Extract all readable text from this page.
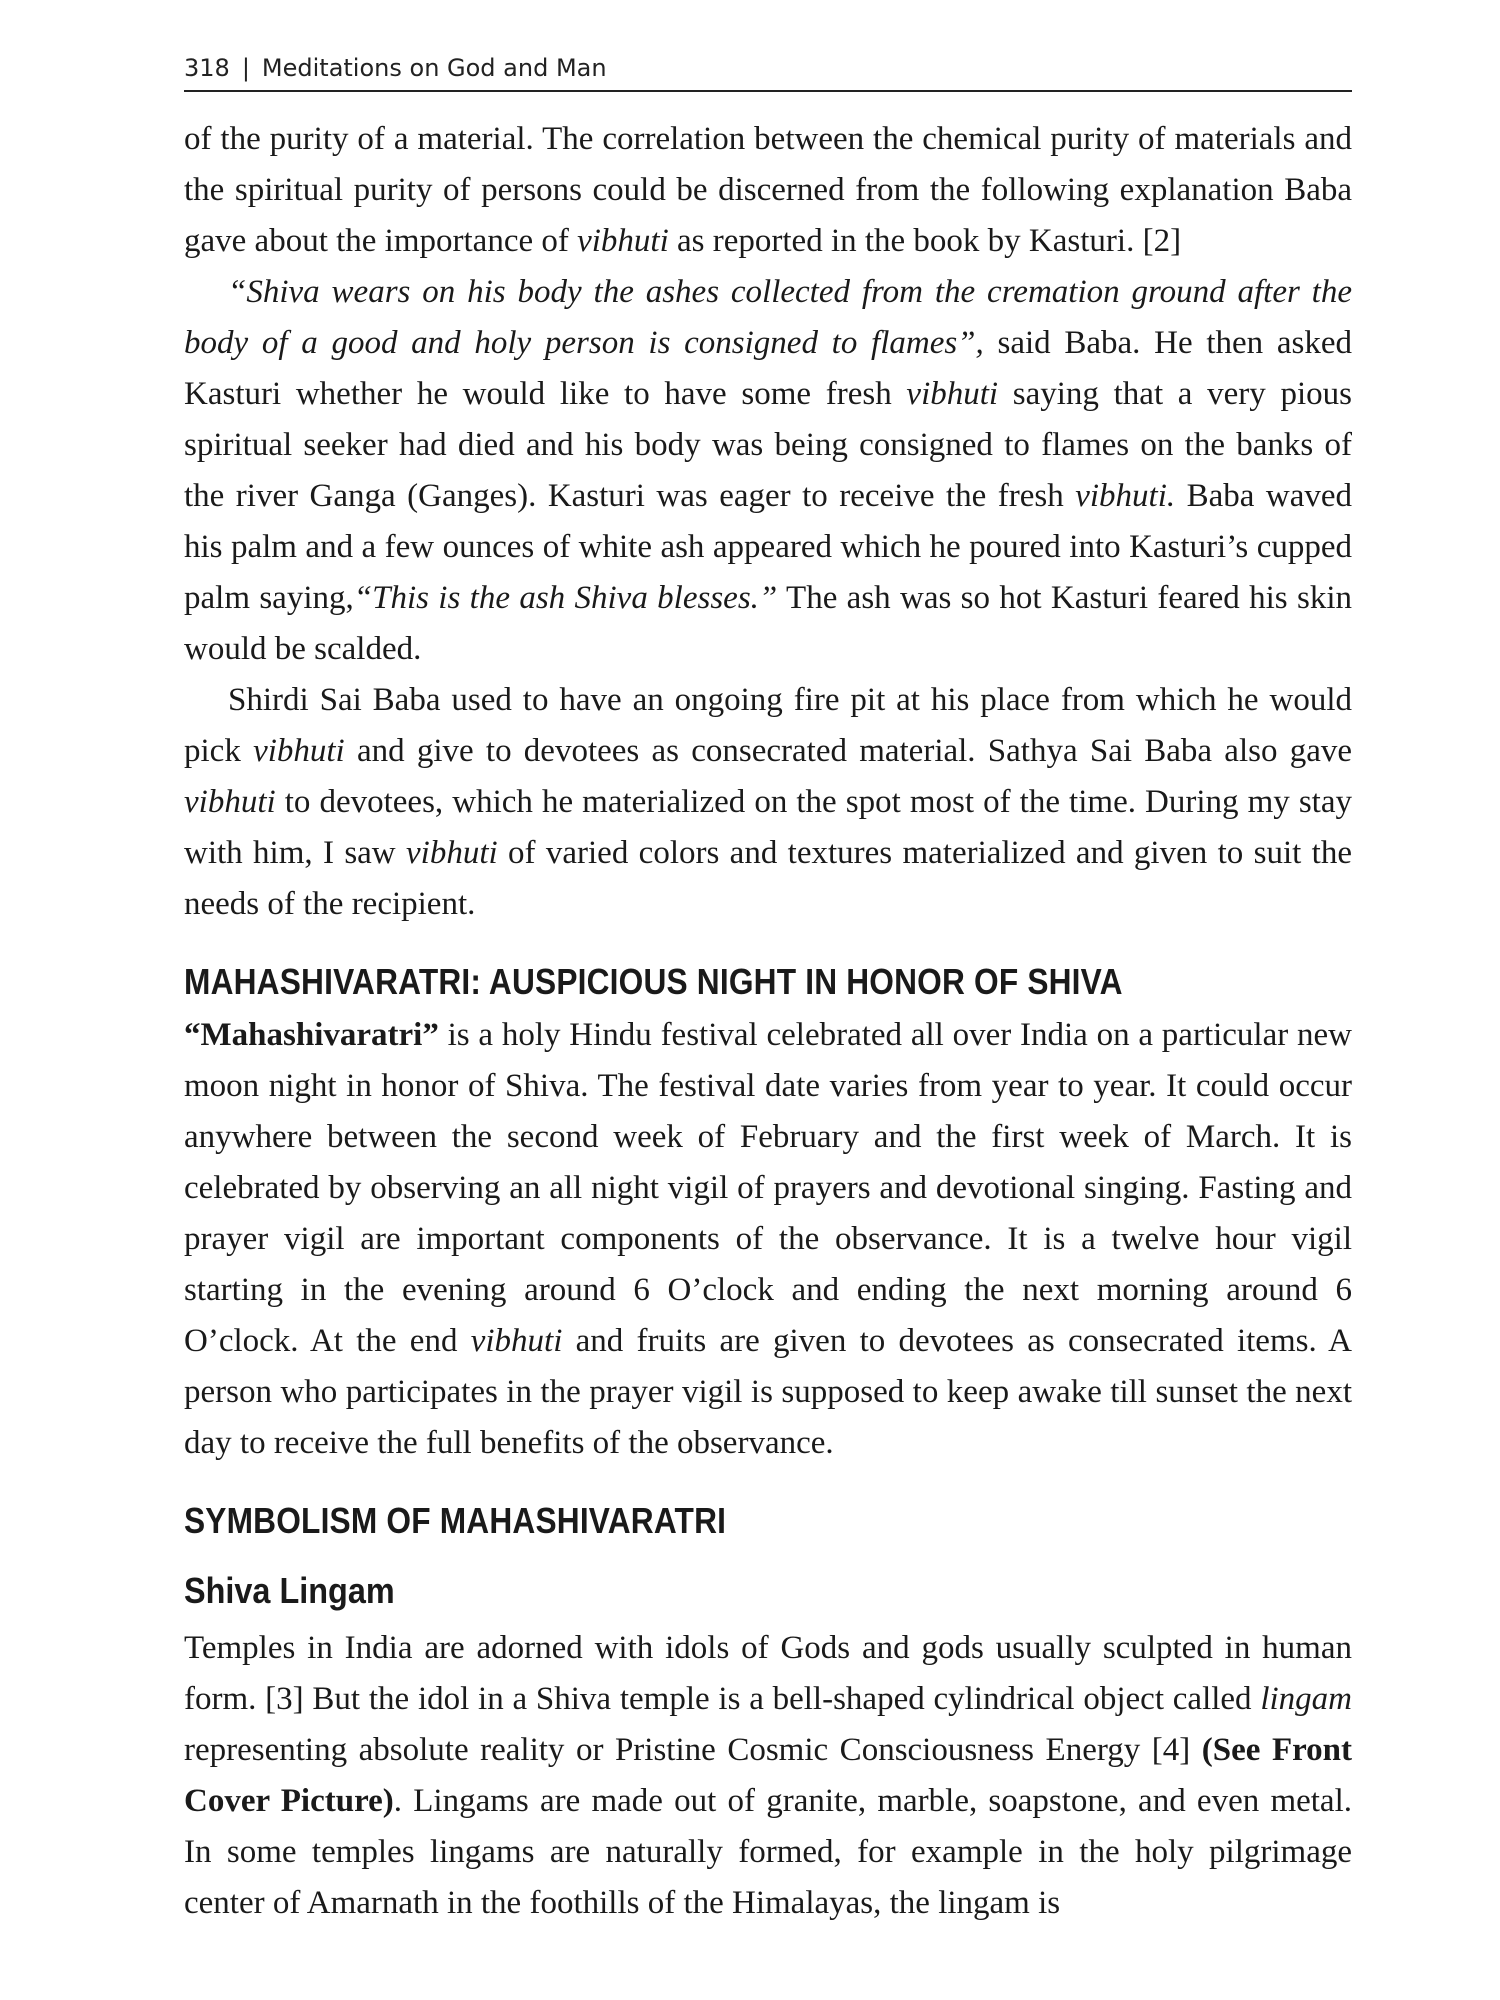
318 | Meditations on God and Man

of the purity of a material. The correlation between the chemical purity of materials and the spiritual purity of persons could be discerned from the following explanation Baba gave about the importance of vibhuti as reported in the book by Kasturi. [2]

“Shiva wears on his body the ashes collected from the cremation ground after the body of a good and holy person is consigned to flames”, said Baba. He then asked Kasturi whether he would like to have some fresh vibhuti saying that a very pious spiritual seeker had died and his body was being consigned to flames on the banks of the river Ganga (Ganges). Kasturi was eager to receive the fresh vibhuti. Baba waved his palm and a few ounces of white ash appeared which he poured into Kasturi’s cupped palm saying,“This is the ash Shiva blesses.” The ash was so hot Kasturi feared his skin would be scalded.

Shirdi Sai Baba used to have an ongoing fire pit at his place from which he would pick vibhuti and give to devotees as consecrated material. Sathya Sai Baba also gave vibhuti to devotees, which he materialized on the spot most of the time. During my stay with him, I saw vibhuti of varied colors and textures materialized and given to suit the needs of the recipient.

MAHASHIVARATRI: AUSPICIOUS NIGHT IN HONOR OF SHIVA

“Mahashivaratri” is a holy Hindu festival celebrated all over India on a particular new moon night in honor of Shiva. The festival date varies from year to year. It could occur anywhere between the second week of February and the first week of March. It is celebrated by observing an all night vigil of prayers and devotional singing. Fasting and prayer vigil are important components of the observance. It is a twelve hour vigil starting in the evening around 6 O’clock and ending the next morning around 6 O’clock. At the end vibhuti and fruits are given to devotees as consecrated items. A person who participates in the prayer vigil is supposed to keep awake till sunset the next day to receive the full benefits of the observance.

SYMBOLISM OF MAHASHIVARATRI
Shiva Lingam

Temples in India are adorned with idols of Gods and gods usually sculpted in human form. [3] But the idol in a Shiva temple is a bell-shaped cylindrical object called lingam representing absolute reality or Pristine Cosmic Consciousness Energy [4] (See Front Cover Picture). Lingams are made out of granite, marble, soapstone, and even metal. In some temples lingams are naturally formed, for example in the holy pilgrimage center of Amarnath in the foothills of the Himalayas, the lingam is
